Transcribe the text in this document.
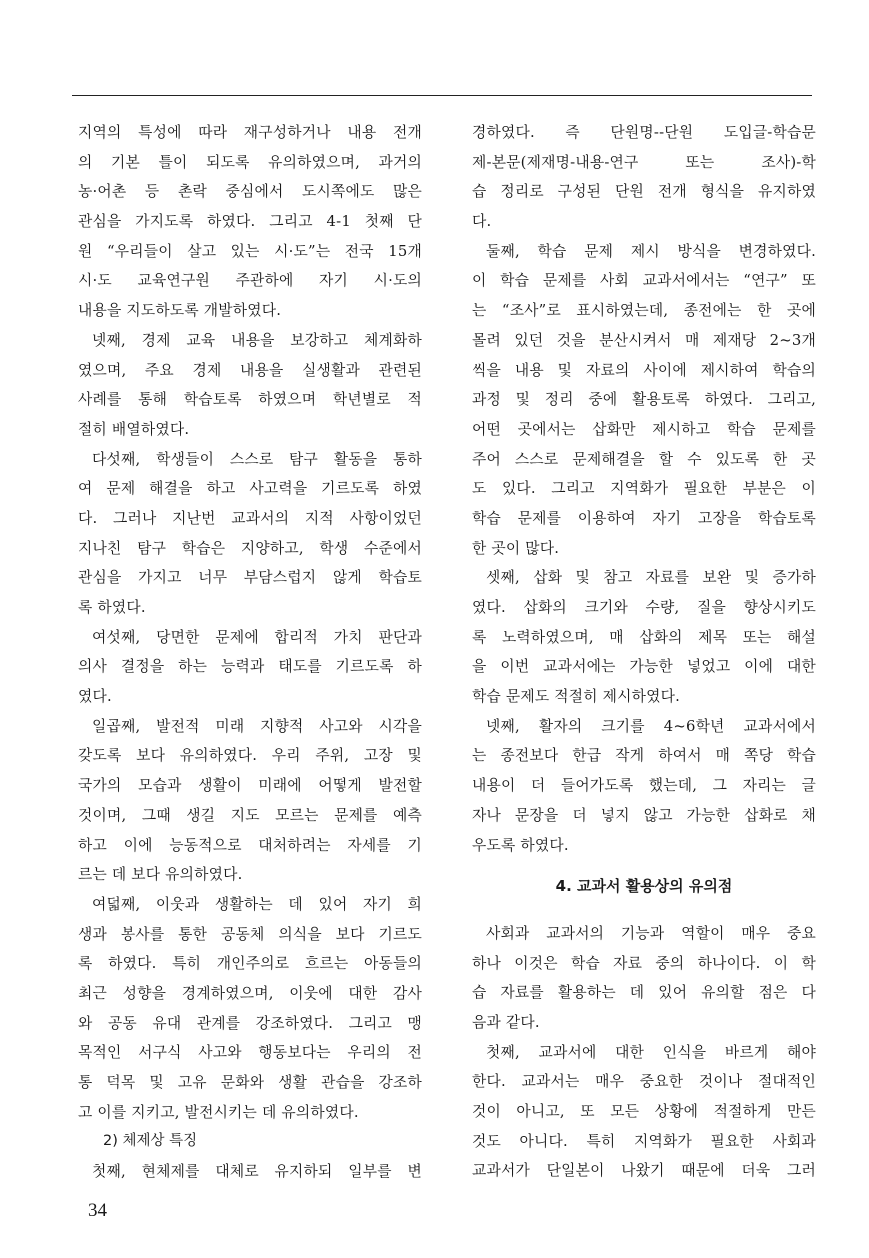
지역의 특성에 따라 재구성하거나 내용 전개
의 기본 틀이 되도록 유의하였으며, 과거의
농·어촌 등 촌락 중심에서 도시쪽에도 많은
관심을 가지도록 하였다. 그리고 4-1 첫째 단
원 “우리들이 살고 있는 시·도”는 전국 15개
시·도 교육연구원 주관하에 자기 시·도의
내용을 지도하도록 개발하였다.
넷째, 경제 교육 내용을 보강하고 체계화하
였으며, 주요 경제 내용을 실생활과 관련된
사례를 통해 학습토록 하였으며 학년별로 적
절히 배열하였다.
다섯째, 학생들이 스스로 탐구 활동을 통하
여 문제 해결을 하고 사고력을 기르도록 하였
다. 그러나 지난번 교과서의 지적 사항이었던
지나친 탐구 학습은 지양하고, 학생 수준에서
관심을 가지고 너무 부담스럽지 않게 학습토
록 하였다.
여섯째, 당면한 문제에 합리적 가치 판단과
의사 결정을 하는 능력과 태도를 기르도록 하
였다.
일곱째, 발전적 미래 지향적 사고와 시각을
갖도록 보다 유의하였다. 우리 주위, 고장 및
국가의 모습과 생활이 미래에 어떻게 발전할
것이며, 그때 생길 지도 모르는 문제를 예측
하고 이에 능동적으로 대처하려는 자세를 기
르는 데 보다 유의하였다.
여덟째, 이웃과 생활하는 데 있어 자기 희
생과 봉사를 통한 공동체 의식을 보다 기르도
록 하였다. 특히 개인주의로 흐르는 아동들의
최근 성향을 경계하였으며, 이웃에 대한 감사
와 공동 유대 관계를 강조하였다. 그리고 맹
목적인 서구식 사고와 행동보다는 우리의 전
통 덕목 및 고유 문화와 생활 관습을 강조하
고 이를 지키고, 발전시키는 데 유의하였다.
2) 체제상 특징
첫째, 현체제를 대체로 유지하되 일부를 변
경하였다. 즉 단원명--단원 도입글-학습문
제-본문(제재명-내용-연구 또는 조사)-학
습 정리로 구성된 단원 전개 형식을 유지하였
다.
둘째, 학습 문제 제시 방식을 변경하였다.
이 학습 문제를 사회 교과서에서는 “연구” 또
는 “조사”로 표시하였는데, 종전에는 한 곳에
몰려 있던 것을 분산시켜서 매 제재당 2~3개
씩을 내용 및 자료의 사이에 제시하여 학습의
과정 및 정리 중에 활용토록 하였다. 그리고,
어떤 곳에서는 삽화만 제시하고 학습 문제를
주어 스스로 문제해결을 할 수 있도록 한 곳
도 있다. 그리고 지역화가 필요한 부분은 이
학습 문제를 이용하여 자기 고장을 학습토록
한 곳이 많다.
셋째, 삽화 및 참고 자료를 보완 및 증가하
였다. 삽화의 크기와 수량, 질을 향상시키도
록 노력하였으며, 매 삽화의 제목 또는 해설
을 이번 교과서에는 가능한 넣었고 이에 대한
학습 문제도 적절히 제시하였다.
넷째, 활자의 크기를 4~6학년 교과서에서
는 종전보다 한급 작게 하여서 매 쪽당 학습
내용이 더 들어가도록 했는데, 그 자리는 글
자나 문장을 더 넣지 않고 가능한 삽화로 채
우도록 하였다.
4. 교과서 활용상의 유의점
사회과 교과서의 기능과 역할이 매우 중요
하나 이것은 학습 자료 중의 하나이다. 이 학
습 자료를 활용하는 데 있어 유의할 점은 다
음과 같다.
첫째, 교과서에 대한 인식을 바르게 해야
한다. 교과서는 매우 중요한 것이나 절대적인
것이 아니고, 또 모든 상황에 적절하게 만든
것도 아니다. 특히 지역화가 필요한 사회과
교과서가 단일본이 나왔기 때문에 더욱 그러
34
